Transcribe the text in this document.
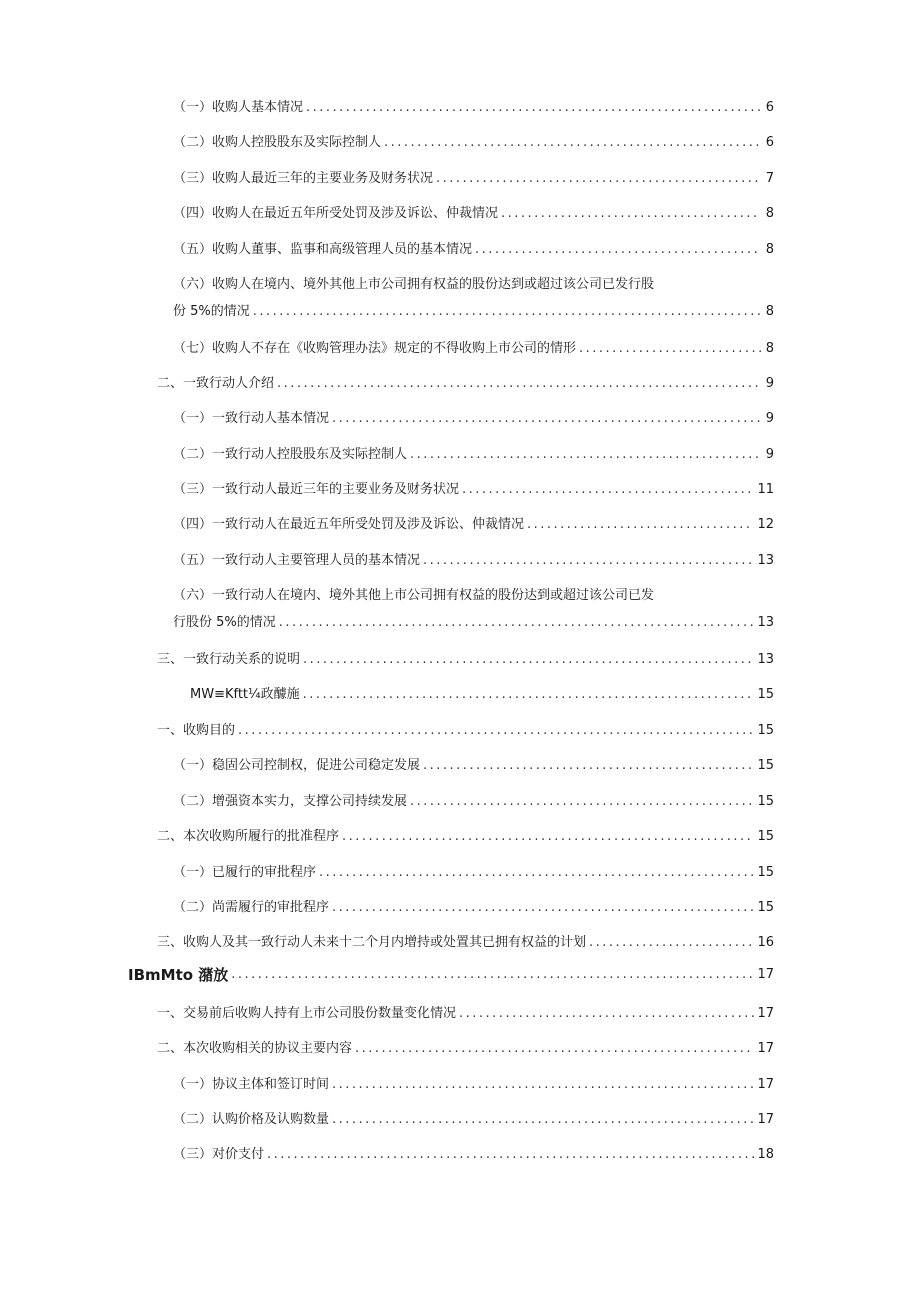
（一）收购人基本情况 .....	6
（二）收购人控股股东及实际控制人 .....	6
（三）收购人最近三年的主要业务及财务状况 .....	7
（四）收购人在最近五年所受处罚及涉及诉讼、仲裁情况 .....	8
（五）收购人董事、监事和高级管理人员的基本情况 .....	8
（六）收购人在境内、境外其他上市公司拥有权益的股份达到或超过该公司已发行股
份 5%的情况 .....	8
（七）收购人不存在《收购管理办法》规定的不得收购上市公司的情形 .....	8
二、一致行动人介绍 .....	9
（一）一致行动人基本情况 .....	9
（二）一致行动人控股股东及实际控制人 .....	9
（三）一致行动人最近三年的主要业务及财务状况 .....	11
（四）一致行动人在最近五年所受处罚及涉及诉讼、仲裁情况 .....	12
（五）一致行动人主要管理人员的基本情况 .....	13
（六）一致行动人在境内、境外其他上市公司拥有权益的股份达到或超过该公司已发
行股份 5%的情况 .....	13
三、一致行动关系的说明 .....	13
MW≡Kftt¼政醵施 .....	15
一、收购目的 .....	15
（一）稳固公司控制权，促进公司稳定发展 .....	15
（二）增强资本实力，支撑公司持续发展 .....	15
二、本次收购所履行的批准程序 .....	15
（一）已履行的审批程序 .....	15
（二）尚需履行的审批程序 .....	15
三、收购人及其一致行动人未来十二个月内增持或处置其已拥有权益的计划 .....	16
IBmMto 潴放 .....	17
一、交易前后收购人持有上市公司股份数量变化情况 .....	17
二、本次收购相关的协议主要内容 .....	17
（一）协议主体和签订时间 .....	17
（二）认购价格及认购数量 .....	17
（三）对价支付 .....	18
